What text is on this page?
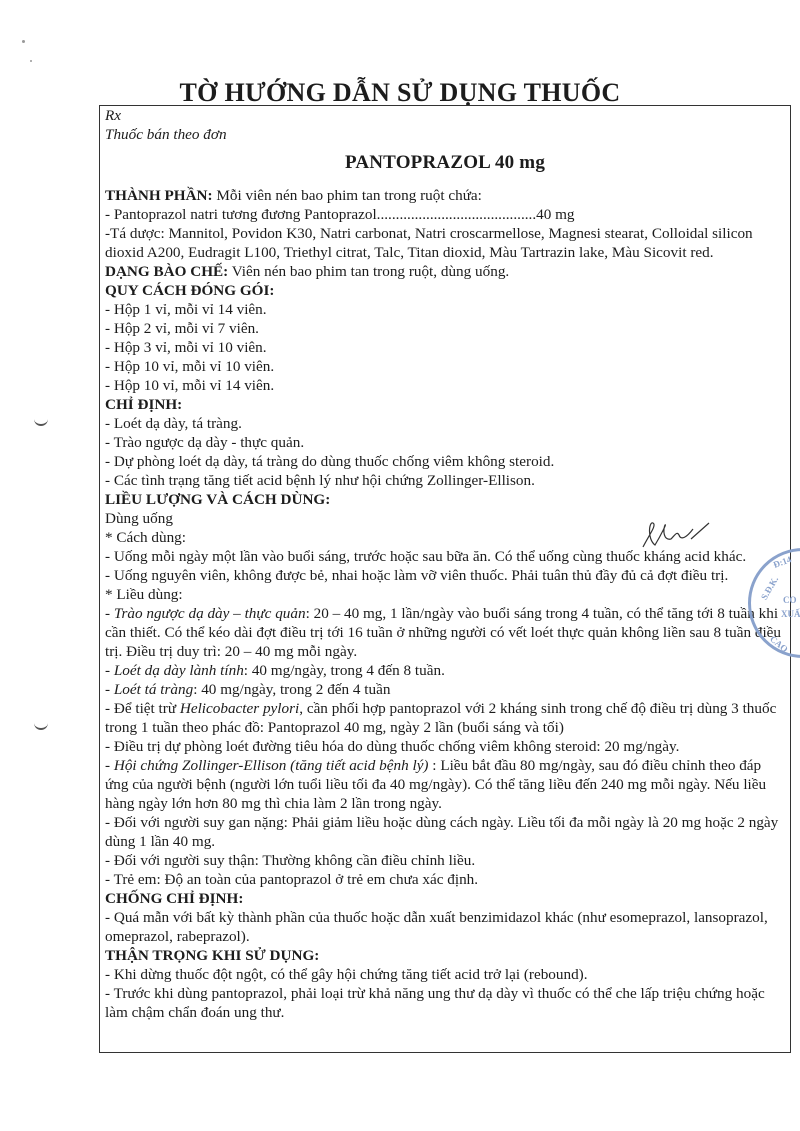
TỜ HƯỚNG DẪN SỬ DỤNG THUỐC

Rx

Thuốc bán theo đơn

PANTOPRAZOL 40 mg

THÀNH PHẦN: Mỗi viên nén bao phim tan trong ruột chứa:

- Pantoprazol natri tương đương Pantoprazol..........................................40 mg

-Tá dược: Mannitol, Povidon K30, Natri carbonat, Natri croscarmellose, Magnesi stearat, Colloidal silicon dioxid A200, Eudragit L100, Triethyl citrat, Talc, Titan dioxid, Màu Tartrazin lake, Màu Sicovit red.

DẠNG BÀO CHẾ: Viên nén bao phim tan trong ruột, dùng uống.

QUY CÁCH ĐÓNG GÓI:

- Hộp 1 vỉ, mỗi vỉ 14 viên.

- Hộp 2 vỉ, mỗi vỉ 7 viên.

- Hộp 3 vỉ, mỗi vỉ 10 viên.

- Hộp 10 vỉ, mỗi vỉ 10 viên.

- Hộp 10 vỉ, mỗi vỉ 14 viên.

CHỈ ĐỊNH:

- Loét dạ dày, tá tràng.

- Trào ngược dạ dày - thực quản.

- Dự phòng loét dạ dày, tá tràng do dùng thuốc chống viêm không steroid.

- Các tình trạng tăng tiết acid bệnh lý như hội chứng Zollinger-Ellison.

LIỀU LƯỢNG VÀ CÁCH DÙNG:

Dùng uống

* Cách dùng:

- Uống mỗi ngày một lần vào buổi sáng, trước hoặc sau bữa ăn. Có thể uống cùng thuốc kháng acid khác.

- Uống nguyên viên, không được bẻ, nhai hoặc làm vỡ viên thuốc. Phải tuân thủ đầy đủ cả đợt điều trị.

* Liều dùng:

- Trào ngược dạ dày – thực quản: 20 – 40 mg, 1 lần/ngày vào buổi sáng trong 4 tuần, có thể tăng tới 8 tuần khi cần thiết. Có thể kéo dài đợt điều trị tới 16 tuần ở những người có vết loét thực quản không liền sau 8 tuần điều trị. Điều trị duy trì: 20 – 40 mg mỗi ngày.

- Loét dạ dày lành tính: 40 mg/ngày, trong 4 đến 8 tuần.

- Loét tá tràng: 40 mg/ngày, trong 2 đến 4 tuần

- Để tiệt trừ Helicobacter pylori, cần phối hợp pantoprazol với 2 kháng sinh trong chế độ điều trị dùng 3 thuốc trong 1 tuần theo phác đồ: Pantoprazol 40 mg, ngày 2 lần (buổi sáng và tối)

- Điều trị dự phòng loét đường tiêu hóa do dùng thuốc chống viêm không steroid: 20 mg/ngày.

- Hội chứng Zollinger-Ellison (tăng tiết acid bệnh lý) : Liều bắt đầu 80 mg/ngày, sau đó điều chỉnh theo đáp ứng của người bệnh (người lớn tuổi liều tối đa 40 mg/ngày). Có thể tăng liều đến 240 mg mỗi ngày. Nếu liều hàng ngày lớn hơn 80 mg thì chia làm 2 lần trong ngày.

- Đối với người suy gan nặng: Phải giảm liều hoặc dùng cách ngày. Liều tối đa mỗi ngày là 20 mg hoặc 2 ngày dùng 1 lần 40 mg.

- Đối với người suy thận: Thường không cần điều chỉnh liều.

- Trẻ em: Độ an toàn của pantoprazol ở trẻ em chưa xác định.

CHỐNG CHỈ ĐỊNH:

- Quá mẫn với bất kỳ thành phần của thuốc hoặc dẫn xuất benzimidazol khác (như esomeprazol, lansoprazol, omeprazol, rabeprazol).

THẬN TRỌNG KHI SỬ DỤNG:

- Khi dừng thuốc đột ngột, có thể gây hội chứng tăng tiết acid trở lại (rebound).

- Trước khi dùng pantoprazol, phải loại trừ khả năng ung thư dạ dày vì thuốc có thể che lấp triệu chứng hoặc làm chậm chẩn đoán ung thư.

S.Đ.K.
Đ:14
CO
XUẤ
CAO
